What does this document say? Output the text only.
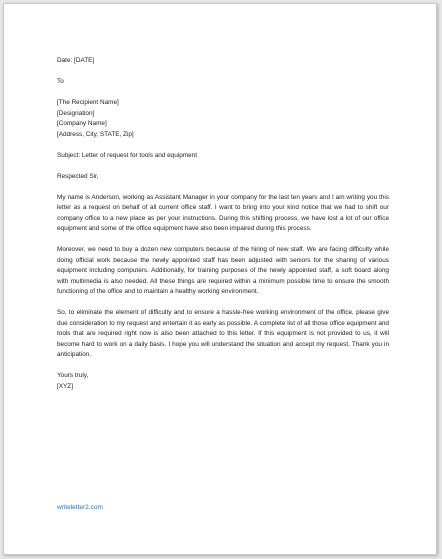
Date: [DATE]
To
[The Recipient Name]
[Designation]
[Company Name]
[Address, City, STATE, Zip]
Subject: Letter of request for tools and equipment
Respected Sir,

My name is Anderson, working as Assistant Manager in your company for the last ten years and I am writing you this letter as a request on behalf of all current office staff. I want to bring into your kind notice that we had to shift our company office to a new place as per your instructions. During this shifting process, we have lost a lot of our office equipment and some of the office equipment have also been impaired during this process.

Moreover, we need to buy a dozen new computers because of the hiring of new staff. We are facing difficulty while doing official work because the newly appointed staff has been adjusted with seniors for the sharing of various equipment including computers. Additionally, for training purposes of the newly appointed staff, a soft board along with multimedia is also needed. All these things are required within a minimum possible time to ensure the smooth functioning of the office and to maintain a healthy working environment.

So, to eliminate the element of difficulty and to ensure a hassle-free working environment of the office, please give due consideration to my request and entertain it as early as possible. A complete list of all those office equipment and tools that are required right now is also been attached to this letter. If this equipment is not provided to us, it will become hard to work on a daily basis. I hope you will understand the situation and accept my request. Thank you in anticipation.

Yours truly,
[XYZ]
writeletter2.com
